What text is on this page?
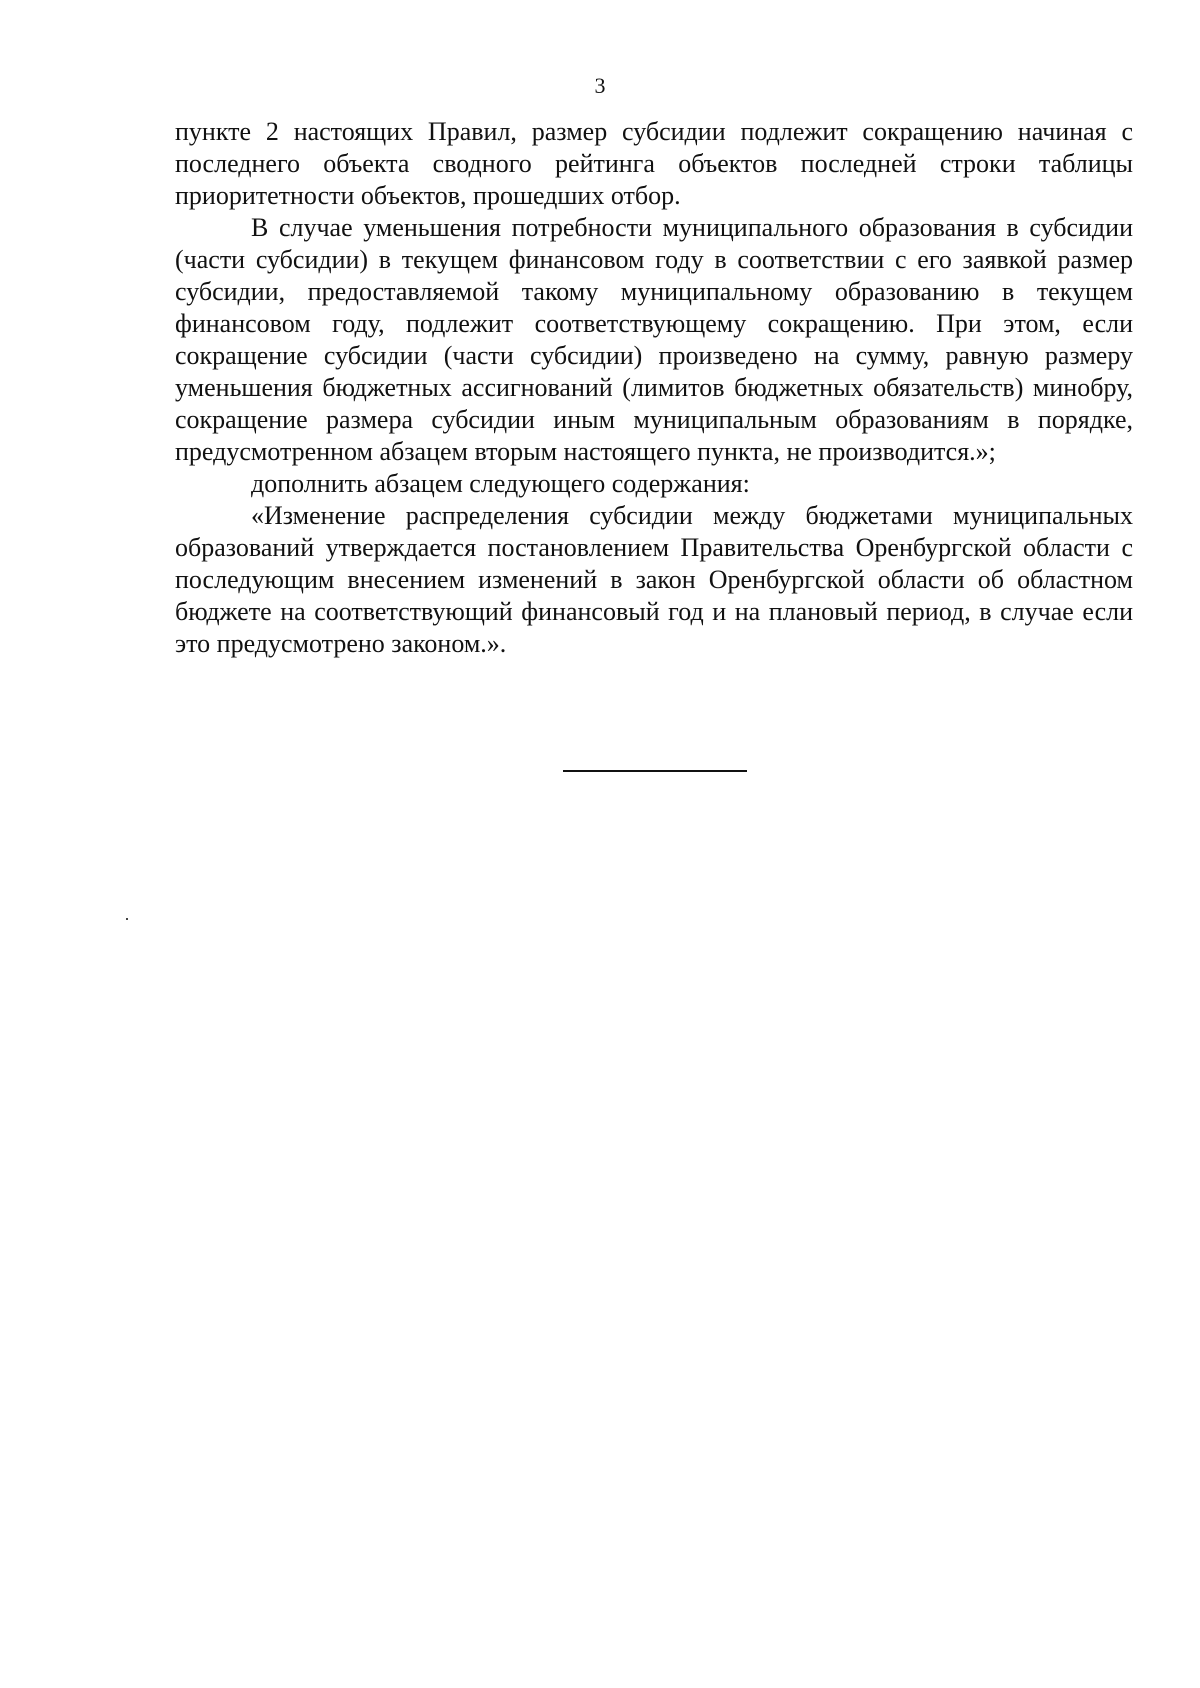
3

пункте 2 настоящих Правил, размер субсидии подлежит сокращению начиная с последнего объекта сводного рейтинга объектов последней строки таблицы приоритетности объектов, прошедших отбор.

В случае уменьшения потребности муниципального образования в субсидии (части субсидии) в текущем финансовом году в соответствии с его заявкой размер субсидии, предоставляемой такому муниципальному образованию в текущем финансовом году, подлежит соответствующему сокращению. При этом, если сокращение субсидии (части субсидии) произведено на сумму, равную размеру уменьшения бюджетных ассигнований (лимитов бюджетных обязательств) минобру, сокращение размера субсидии иным муниципальным образованиям в порядке, предусмотренном абзацем вторым настоящего пункта, не производится.»;

дополнить абзацем следующего содержания:

«Изменение распределения субсидии между бюджетами муниципальных образований утверждается постановлением Правительства Оренбургской области с последующим внесением изменений в закон Оренбургской области об областном бюджете на соответствующий финансовый год и на плановый период, в случае если это предусмотрено законом.».
